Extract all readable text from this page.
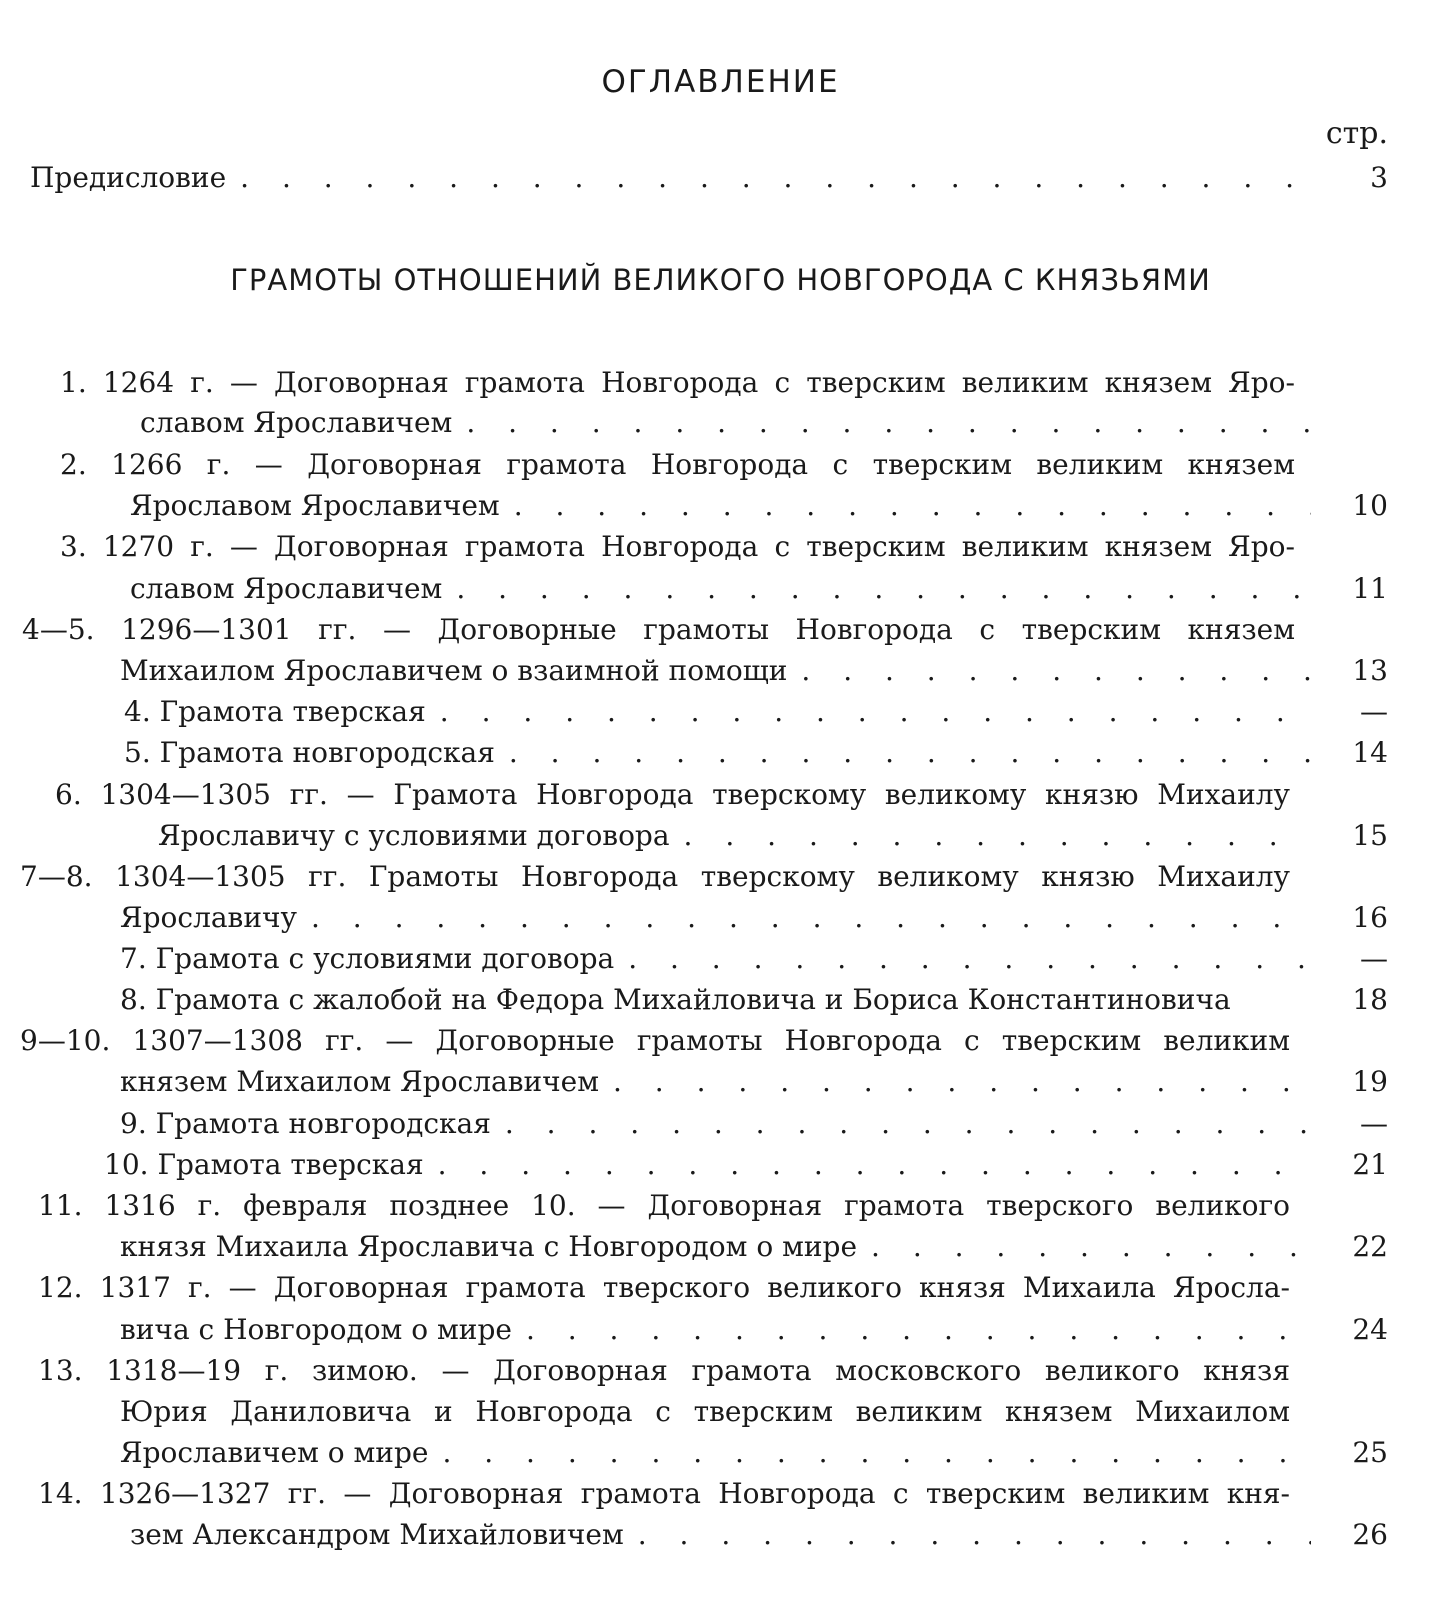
ОГЛАВЛЕНИЕ
стр.
Предисловие . . .	3
ГРАМОТЫ ОТНОШЕНИЙ ВЕЛИКОГО НОВГОРОДА С КНЯЗЬЯМИ
1. 1264 г. — Договорная грамота Новгорода с тверским великим князем Яро-
славом Ярославичем
. . .
2. 1266 г. — Договорная грамота Новгорода с тверским великим князем
Ярославом Ярославичем . . .	10
3. 1270 г. — Договорная грамота Новгорода с тверским великим князем Яро-
славом Ярославичем . . .	11
4—5. 1296—1301 гг. — Договорные грамоты Новгорода с тверским князем
Михаилом Ярославичем о взаимной помощи . . .	13
4. Грамота тверская . . .	—
5. Грамота новгородская . . .	14
6. 1304—1305 гг. — Грамота Новгорода тверскому великому князю Михаилу
Ярославичу с условиями договора . . .	15
7—8. 1304—1305 гг. Грамоты Новгорода тверскому великому князю Михаилу
Ярославичу . . .	16
7. Грамота с условиями договора . . .	—
8. Грамота с жалобой на Федора Михайловича и Бориса Константиновича	18
9—10. 1307—1308 гг. — Договорные грамоты Новгорода с тверским великим
князем Михаилом Ярославичем . . .	19
9. Грамота новгородская . . .	—
10. Грамота тверская . . .	21
11. 1316 г. февраля позднее 10. — Договорная грамота тверского великого
князя Михаила Ярославича с Новгородом о мире . . .	22
12. 1317 г. — Договорная грамота тверского великого князя Михаила Яросла-
вича с Новгородом о мире . . .	24
13. 1318—19 г. зимою. — Договорная грамота московского великого князя
Юрия Даниловича и Новгорода с тверским великим князем Михаилом
Ярославичем о мире . . .	25
14. 1326—1327 гг. — Договорная грамота Новгорода с тверским великим кня-
зем Александром Михайловичем . . .	26
